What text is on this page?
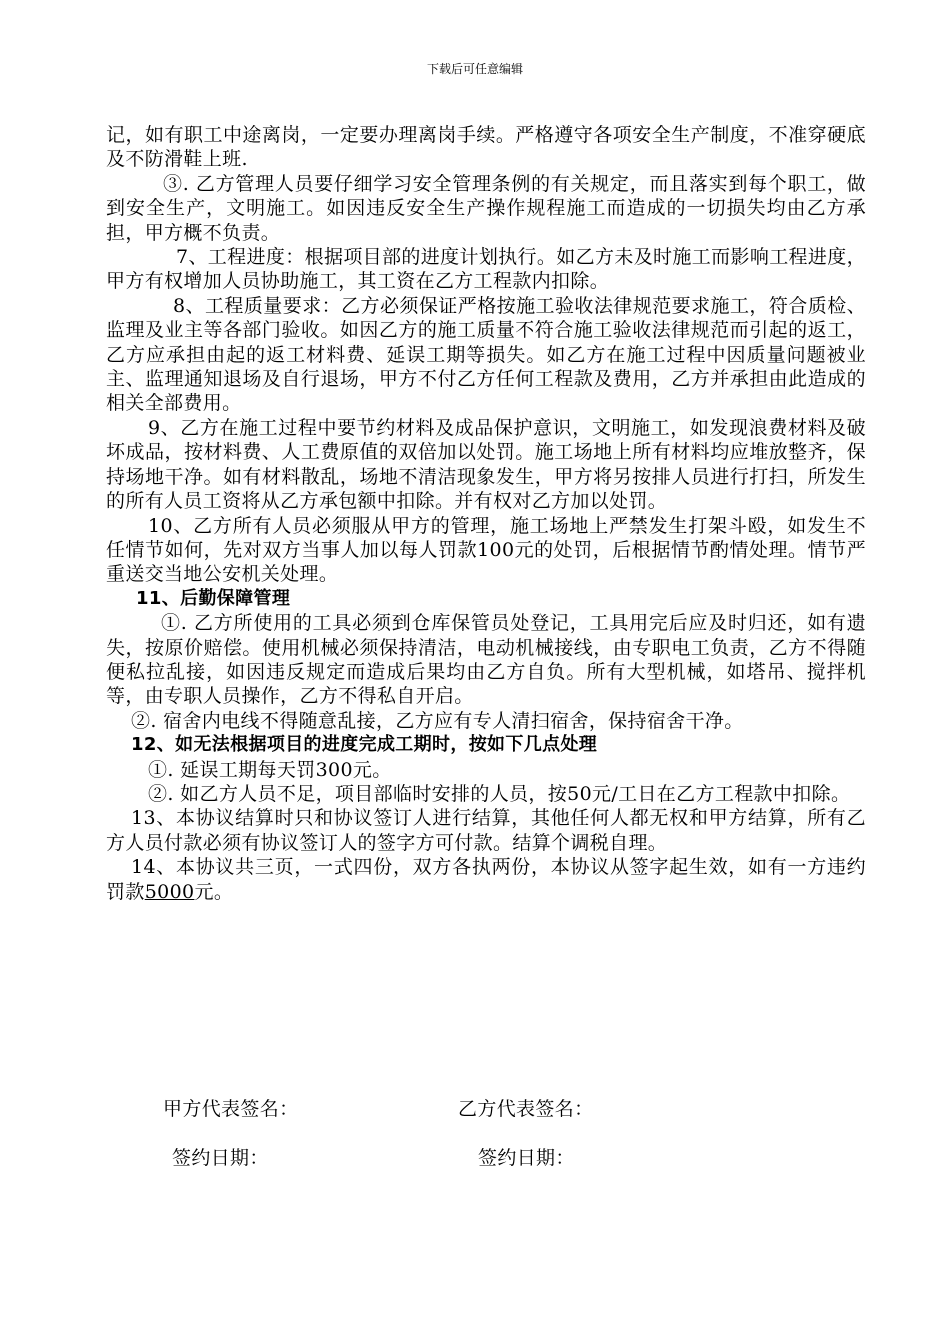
下载后可任意编辑

记，如有职工中途离岗，一定要办理离岗手续。严格遵守各项安全生产制度，不准穿硬底及不防滑鞋上班.

③. 乙方管理人员要仔细学习安全管理条例的有关规定，而且落实到每个职工，做到安全生产，文明施工。如因违反安全生产操作规程施工而造成的一切损失均由乙方承担，甲方概不负责。

7、工程进度：根据项目部的进度计划执行。如乙方未及时施工而影响工程进度，甲方有权增加人员协助施工，其工资在乙方工程款内扣除。

8、工程质量要求：乙方必须保证严格按施工验收法律规范要求施工，符合质检、监理及业主等各部门验收。如因乙方的施工质量不符合施工验收法律规范而引起的返工，乙方应承担由起的返工材料费、延误工期等损失。如乙方在施工过程中因质量问题被业主、监理通知退场及自行退场，甲方不付乙方任何工程款及费用，乙方并承担由此造成的相关全部费用。

9、乙方在施工过程中要节约材料及成品保护意识，文明施工，如发现浪费材料及破坏成品，按材料费、人工费原值的双倍加以处罚。施工场地上所有材料均应堆放整齐，保持场地干净。如有材料散乱，场地不清洁现象发生，甲方将另按排人员进行打扫，所发生的所有人员工资将从乙方承包额中扣除。并有权对乙方加以处罚。

10、乙方所有人员必须服从甲方的管理，施工场地上严禁发生打架斗殴，如发生不任情节如何，先对双方当事人加以每人罚款100元的处罚，后根据情节酌情处理。情节严重送交当地公安机关处理。

11、后勤保障管理

①. 乙方所使用的工具必须到仓库保管员处登记，工具用完后应及时归还，如有遗失，按原价赔偿。使用机械必须保持清洁，电动机械接线，由专职电工负责，乙方不得随便私拉乱接，如因违反规定而造成后果均由乙方自负。所有大型机械，如塔吊、搅拌机等，由专职人员操作，乙方不得私自开启。

②. 宿舍内电线不得随意乱接，乙方应有专人清扫宿舍，保持宿舍干净。

12、如无法根据项目的进度完成工期时，按如下几点处理

①. 延误工期每天罚300元。

②. 如乙方人员不足，项目部临时安排的人员，按50元/工日在乙方工程款中扣除。

13、本协议结算时只和协议签订人进行结算，其他任何人都无权和甲方结算，所有乙方人员付款必须有协议签订人的签字方可付款。结算个调税自理。

14、本协议共三页，一式四份，双方各执两份，本协议从签字起生效，如有一方违约罚款5000元。

甲方代表签名：	乙方代表签名：
签约日期：	签约日期：
